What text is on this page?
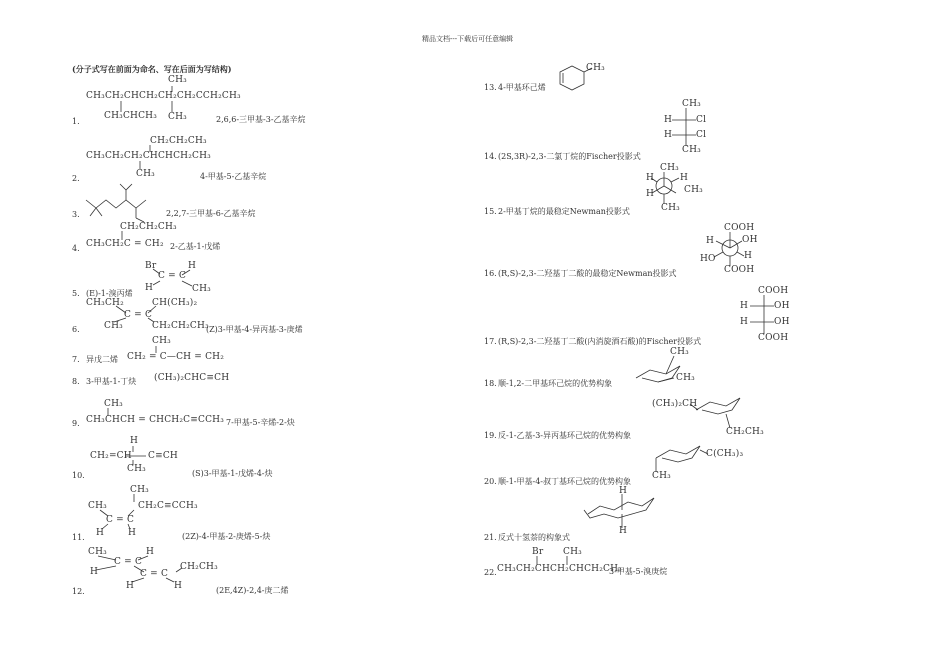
精品文档---下载后可任意编辑
(分子式写在前面为命名、写在后面为写结构)
CH₃
CH₃CH₂CHCH₂CH₂CH₂CCH₂CH₃
CH₃CHCH₃ CH₃
1.	2,6,6-三甲基-3-乙基辛烷
CH₂CH₂CH₃
CH₃CH₂CH₂CHCHCH₂CH₃
CH₃
2.	4-甲基-5-乙基辛烷
3.	2,2,7-三甲基-6-乙基辛烷
CH₂CH₂CH₃
CH₃CH₂C = CH₂
4.	2-乙基-1-戊烯
Br	H
C = C
H	CH₃
5. (E)-1-溴丙烯
CH₃CH₂	CH(CH₃)₂
C = C
CH₃	CH₂CH₂CH₃
6.	(Z)3-甲基-4-异丙基-3-庚烯
CH₃
CH₂ = C—CH = CH₂
7. 异戊二烯
8. 3-甲基-1-丁炔 (CH₃)₂CHC≡CH
CH₃
CH₃CHCH = CHCH₂C≡CCH₃
9.	7-甲基-5-辛烯-2-炔
H
CH₂=CH C≡CH
CH₃
10.	(S)3-甲基-1-戊烯-4-炔
CH₃
CH₃	CH₂C≡CCH₃
C = C
H	H
11.	(2Z)-4-甲基-2-庚烯-5-炔
CH₃	H
C = C
H	C = C
CH₂CH₃
H	H
12.	(2E,4Z)-2,4-庚二烯
CH₃
13. 4-甲基环己烯
CH₃
H	Cl
H	Cl
CH₃
14. (2S,3R)-2,3-二氯丁烷的Fischer投影式
CH₃
H	H
H	CH₃
CH₃
15. 2-甲基丁烷的最稳定Newman投影式
COOH
H	OH
H
HO
COOH
16. (R,S)-2,3-二羟基丁二酸的最稳定Newman投影式
COOH
H	OH
H	OH
COOH
17. (R,S)-2,3-二羟基丁二酸(内消旋酒石酸)的Fischer投影式
CH₃
CH₃
18. 顺-1,2-二甲基环己烷的优势构象
(CH₃)₂CH
CH₂CH₃
19. 反-1-乙基-3-异丙基环己烷的优势构象
C(CH₃)₃
CH₃
20. 顺-1-甲基-4-叔丁基环己烷的优势构象
H
H
21. 反式十氢萘的构象式
Br CH₃
CH₃CH₂CHCH₂CHCH₂CH₃
22.	3-甲基-5-溴庚烷
